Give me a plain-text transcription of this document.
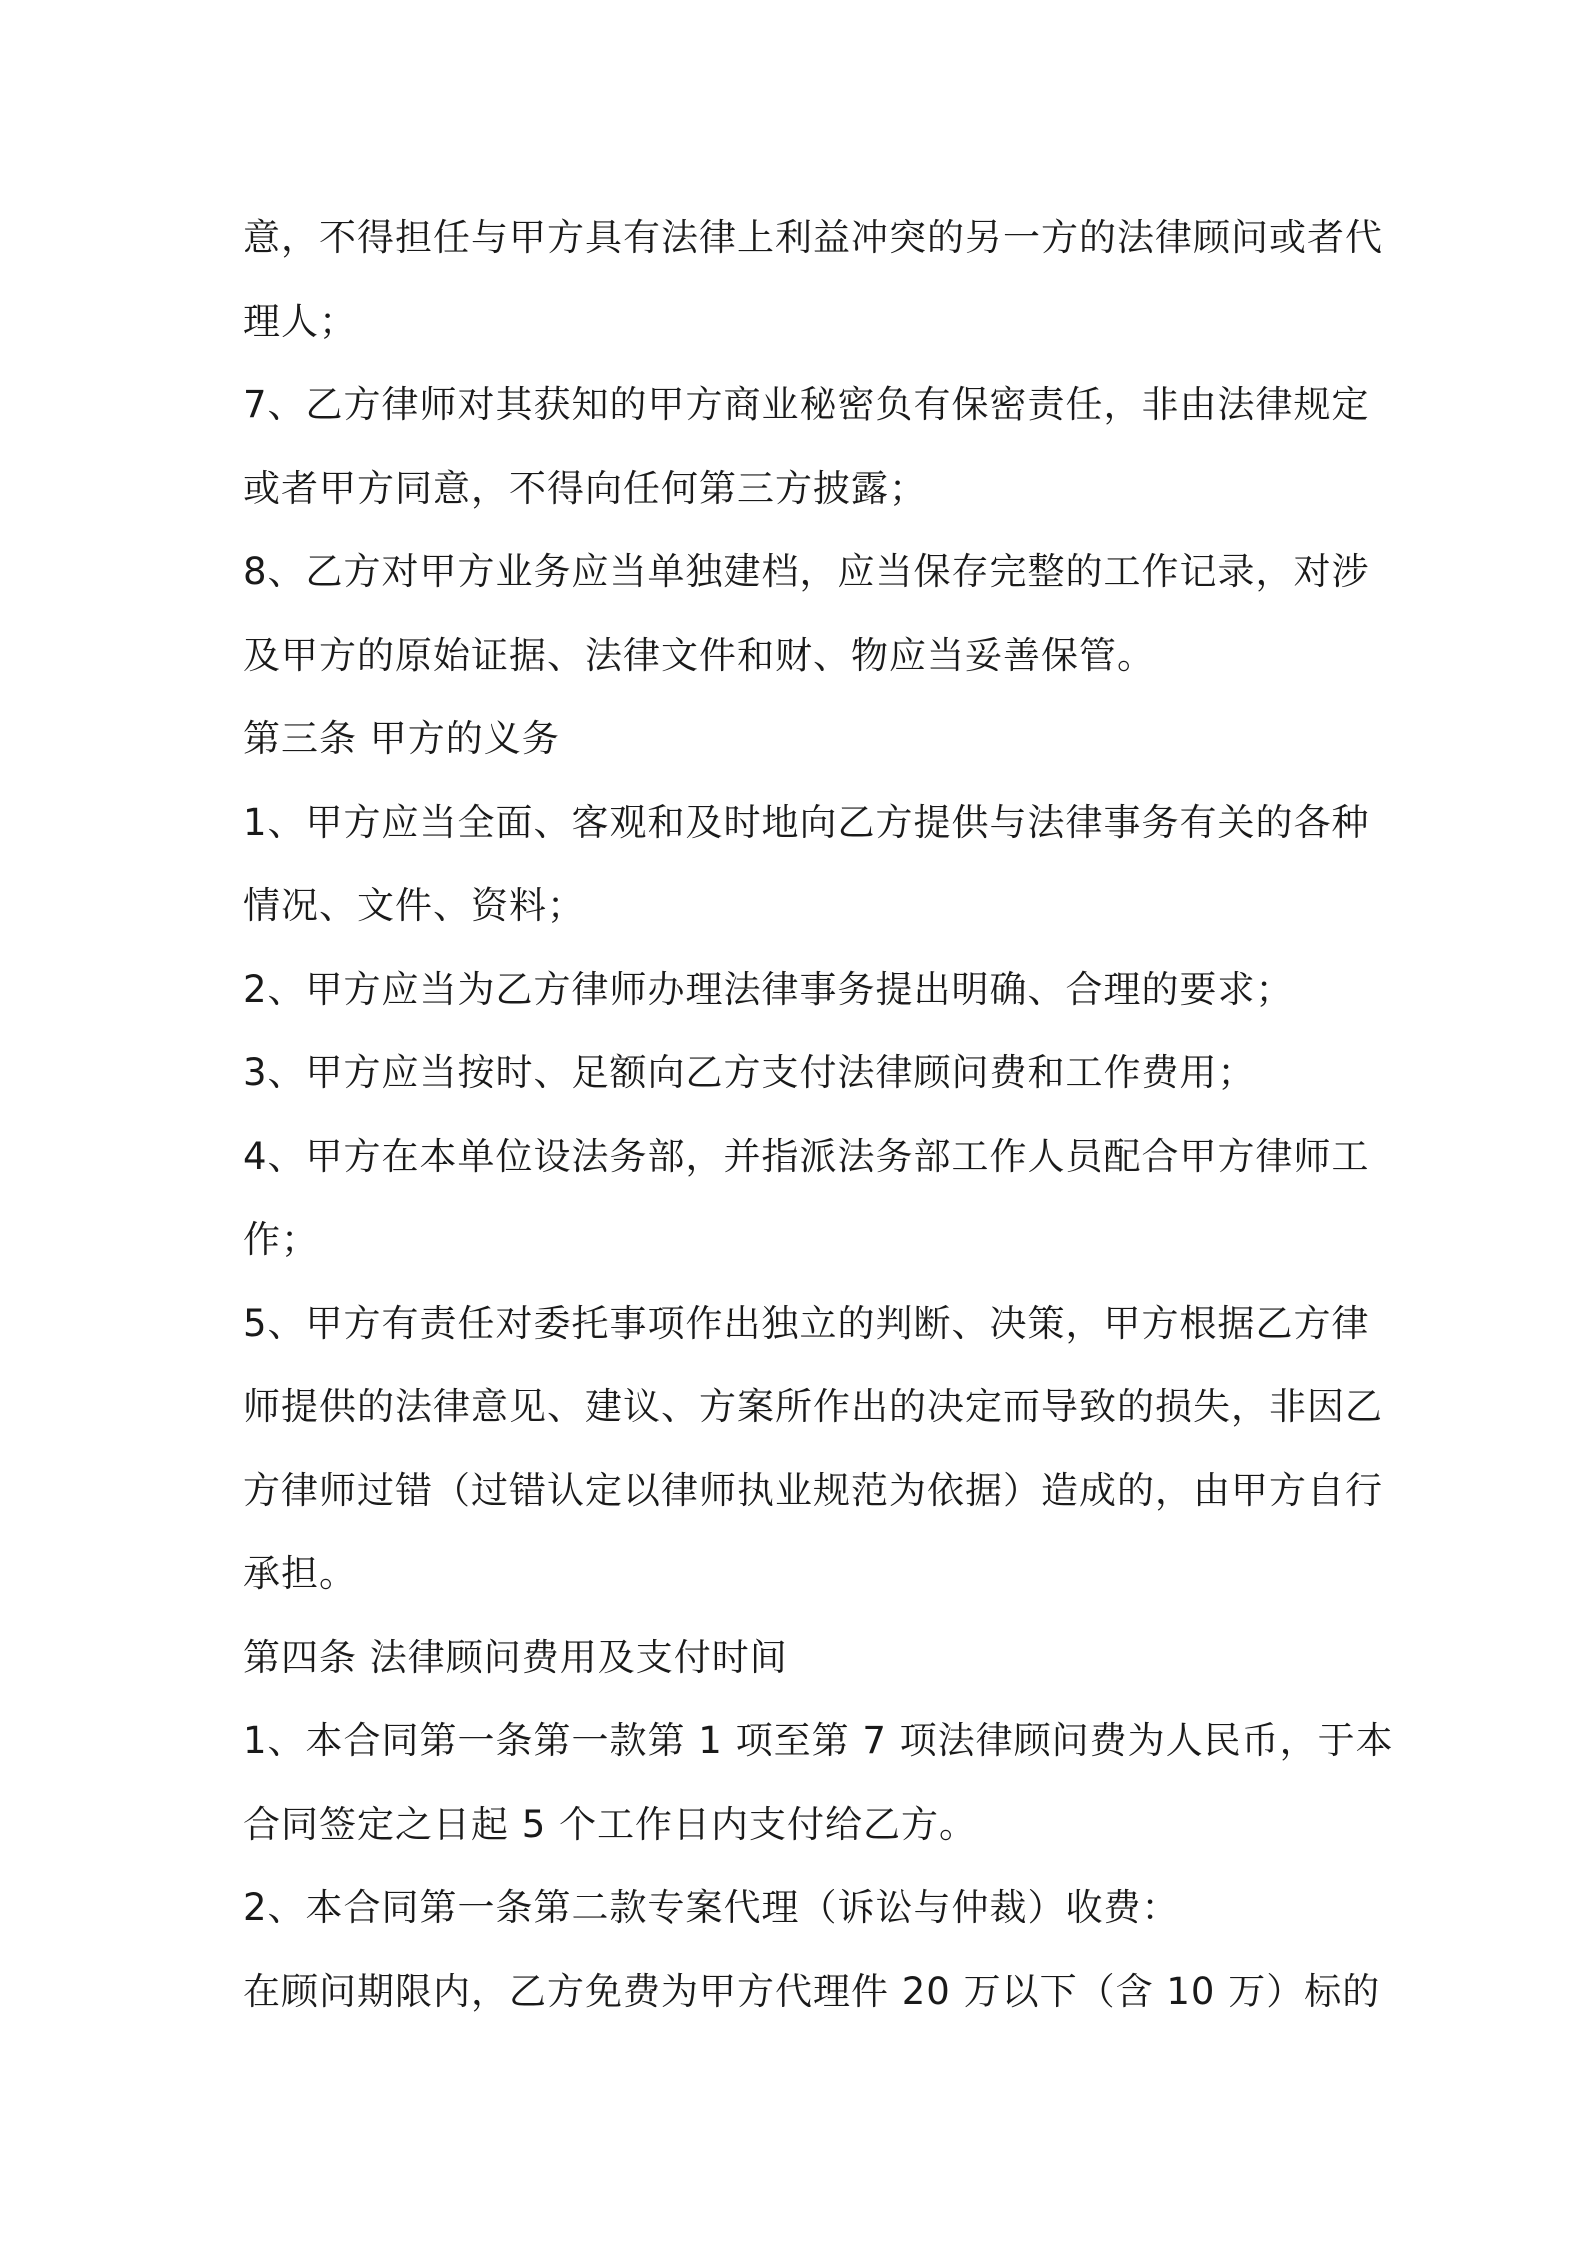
意，不得担任与甲方具有法律上利益冲突的另一方的法律顾问或者代
理人；
7、乙方律师对其获知的甲方商业秘密负有保密责任，非由法律规定
或者甲方同意，不得向任何第三方披露；
8、乙方对甲方业务应当单独建档，应当保存完整的工作记录，对涉
及甲方的原始证据、法律文件和财、物应当妥善保管。
第三条 甲方的义务
1、甲方应当全面、客观和及时地向乙方提供与法律事务有关的各种
情况、文件、资料；
2、甲方应当为乙方律师办理法律事务提出明确、合理的要求；
3、甲方应当按时、足额向乙方支付法律顾问费和工作费用；
4、甲方在本单位设法务部，并指派法务部工作人员配合甲方律师工
作；
5、甲方有责任对委托事项作出独立的判断、决策，甲方根据乙方律
师提供的法律意见、建议、方案所作出的决定而导致的损失，非因乙
方律师过错（过错认定以律师执业规范为依据）造成的，由甲方自行
承担。
第四条 法律顾问费用及支付时间
1、本合同第一条第一款第 1 项至第 7 项法律顾问费为人民币，于本
合同签定之日起 5 个工作日内支付给乙方。
2、本合同第一条第二款专案代理（诉讼与仲裁）收费：
在顾问期限内，乙方免费为甲方代理件 20 万以下（含 10 万）标的
